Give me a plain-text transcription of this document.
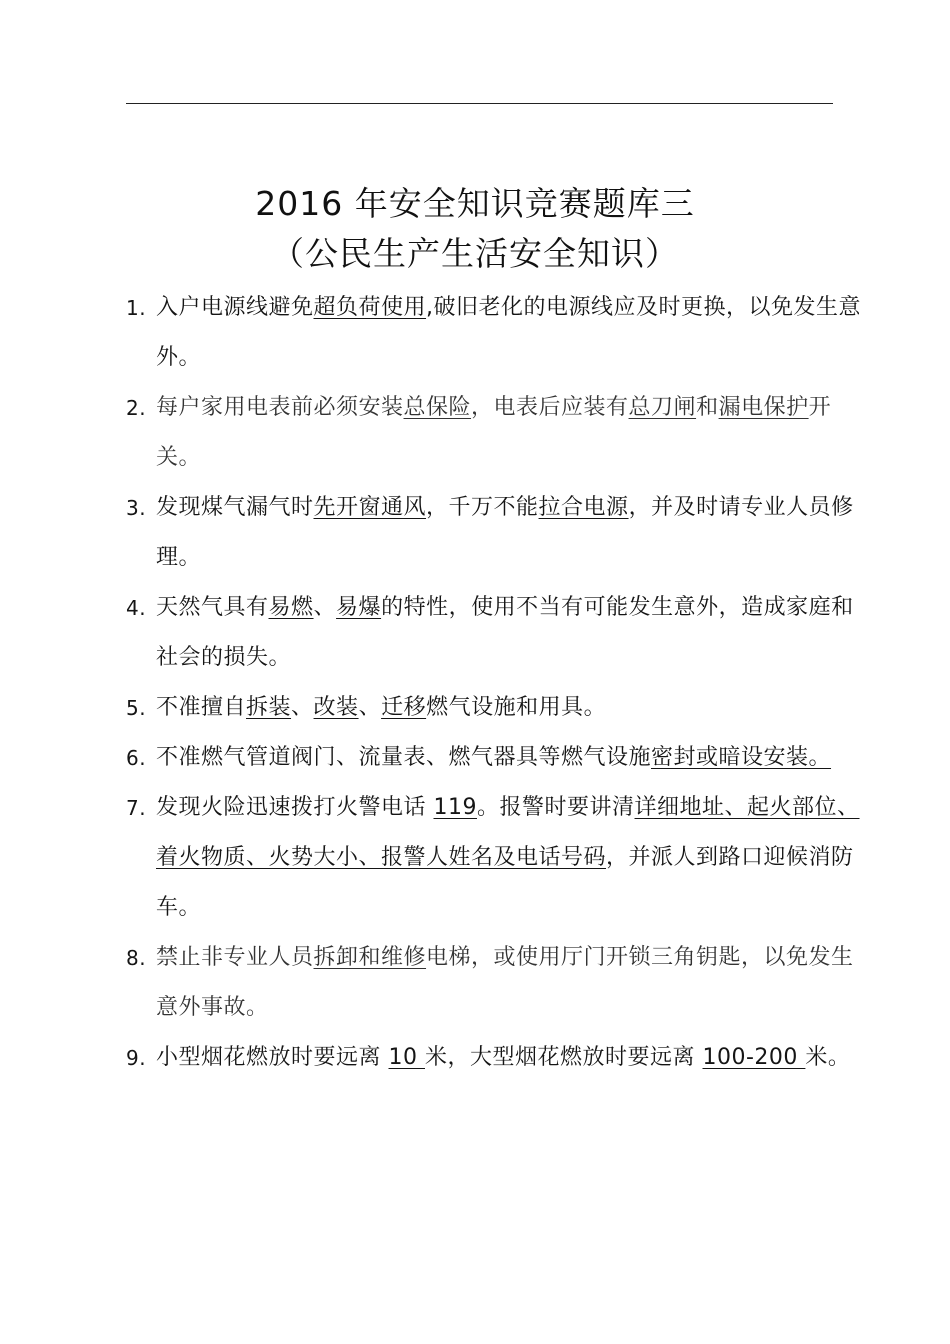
2016 年安全知识竞赛题库三
（公民生产生活安全知识）
1. 入户电源线避免超负荷使用,破旧老化的电源线应及时更换，以免发生意外。
2. 每户家用电表前必须安装总保险，电表后应装有总刀闸和漏电保护开关。
3. 发现煤气漏气时先开窗通风，千万不能拉合电源，并及时请专业人员修理。
4. 天然气具有易燃、易爆的特性，使用不当有可能发生意外，造成家庭和社会的损失。
5. 不准擅自拆装、改装、迁移燃气设施和用具。
6. 不准燃气管道阀门、流量表、燃气器具等燃气设施密封或暗设安装。
7. 发现火险迅速拨打火警电话 119。报警时要讲清详细地址、起火部位、着火物质、火势大小、报警人姓名及电话号码，并派人到路口迎候消防车。
8. 禁止非专业人员拆卸和维修电梯，或使用厅门开锁三角钥匙，以免发生意外事故。
9. 小型烟花燃放时要远离 10 米，大型烟花燃放时要远离 100-200 米。
